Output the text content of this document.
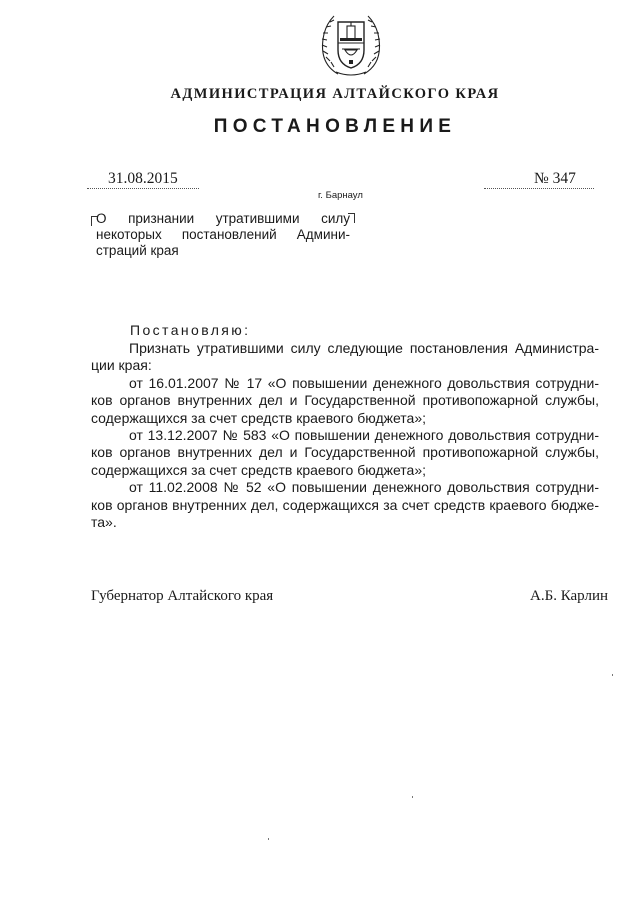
АДМИНИСТРАЦИЯ АЛТАЙСКОГО КРАЯ
ПОСТАНОВЛЕНИЕ
31.08.2015	№ 347
г. Барнаул
О признании утратившими силу
некоторых постановлений Админи-
страций края
Постановляю:
Признать утратившими силу следующие постановления Администра-
ции края:
от 16.01.2007 № 17 «О повышении денежного довольствия сотрудни-
ков органов внутренних дел и Государственной противопожарной службы,
содержащихся за счет средств краевого бюджета»;
от 13.12.2007 № 583 «О повышении денежного довольствия сотрудни-
ков органов внутренних дел и Государственной противопожарной службы,
содержащихся за счет средств краевого бюджета»;
от 11.02.2008 № 52 «О повышении денежного довольствия сотрудни-
ков органов внутренних дел, содержащихся за счет средств краевого бюдже-
та».
Губернатор Алтайского края	А.Б. Карлин
